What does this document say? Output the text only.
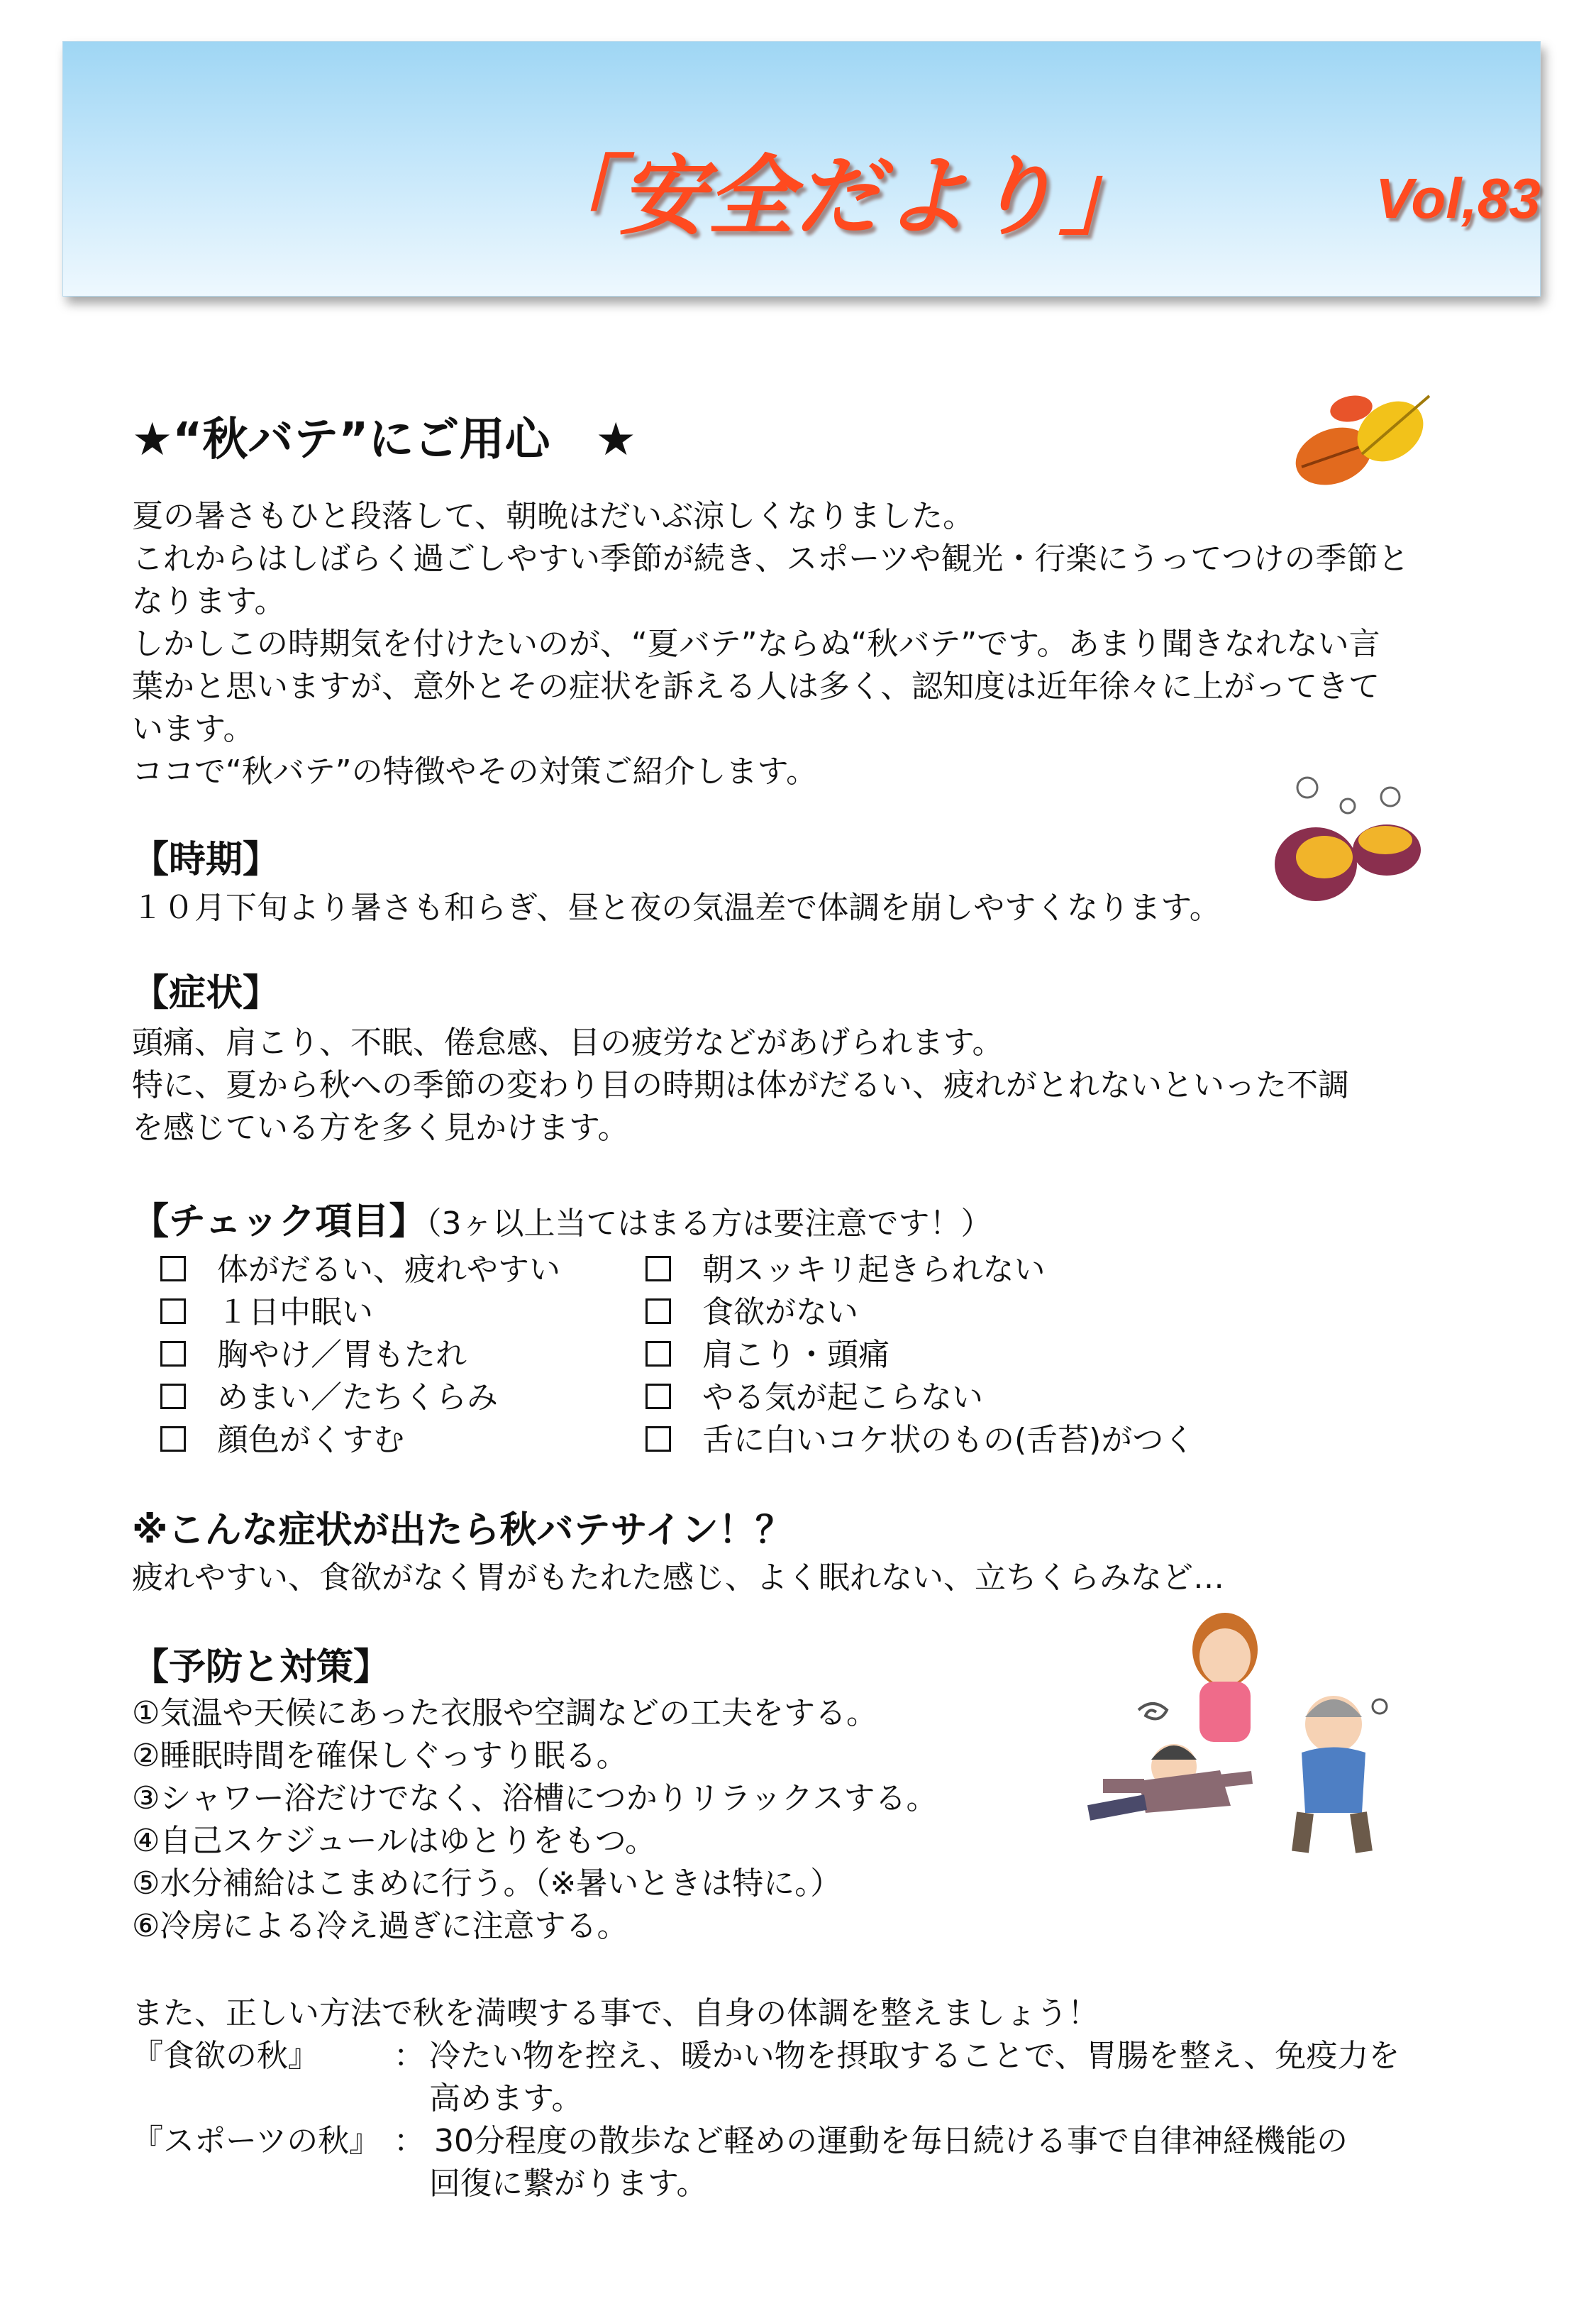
「安全だより」	Vol,83
★“秋バテ”にご用心　★
夏の暑さもひと段落して、朝晩はだいぶ涼しくなりました。
これからはしばらく過ごしやすい季節が続き、スポーツや観光・行楽にうってつけの季節と
なります。
しかしこの時期気を付けたいのが、“夏バテ”ならぬ“秋バテ”です。あまり聞きなれない言
葉かと思いますが、意外とその症状を訴える人は多く、認知度は近年徐々に上がってきて
います。
ココで“秋バテ”の特徴やその対策ご紹介します。
【時期】
１０月下旬より暑さも和らぎ、昼と夜の気温差で体調を崩しやすくなります。
【症状】
頭痛、肩こり、不眠、倦怠感、目の疲労などがあげられます。
特に、夏から秋への季節の変わり目の時期は体がだるい、疲れがとれないといった不調
を感じている方を多く見かけます。
【チェック項目】（3ヶ以上当てはまる方は要注意です！）
体がだるい、疲れやすい
１日中眠い
胸やけ／胃もたれ
めまい／たちくらみ
顔色がくすむ
朝スッキリ起きられない
食欲がない
肩こり・頭痛
やる気が起こらない
舌に白いコケ状のもの(舌苔)がつく
※こんな症状が出たら秋バテサイン！？
疲れやすい、食欲がなく胃がもたれた感じ、よく眠れない、立ちくらみなど…
【予防と対策】
①気温や天候にあった衣服や空調などの工夫をする。
②睡眠時間を確保しぐっすり眠る。
③シャワー浴だけでなく、浴槽につかりリラックスする。
④自己スケジュールはゆとりをもつ。
⑤水分補給はこまめに行う。（※暑いときは特に。）
⑥冷房による冷え過ぎに注意する。
また、正しい方法で秋を満喫する事で、自身の体調を整えましょう！
『食欲の秋』 ： 冷たい物を控え、暖かい物を摂取することで、胃腸を整え、免疫力を
高めます。
『スポーツの秋』 ： 30分程度の散歩など軽めの運動を毎日続ける事で自律神経機能の
回復に繋がります。
